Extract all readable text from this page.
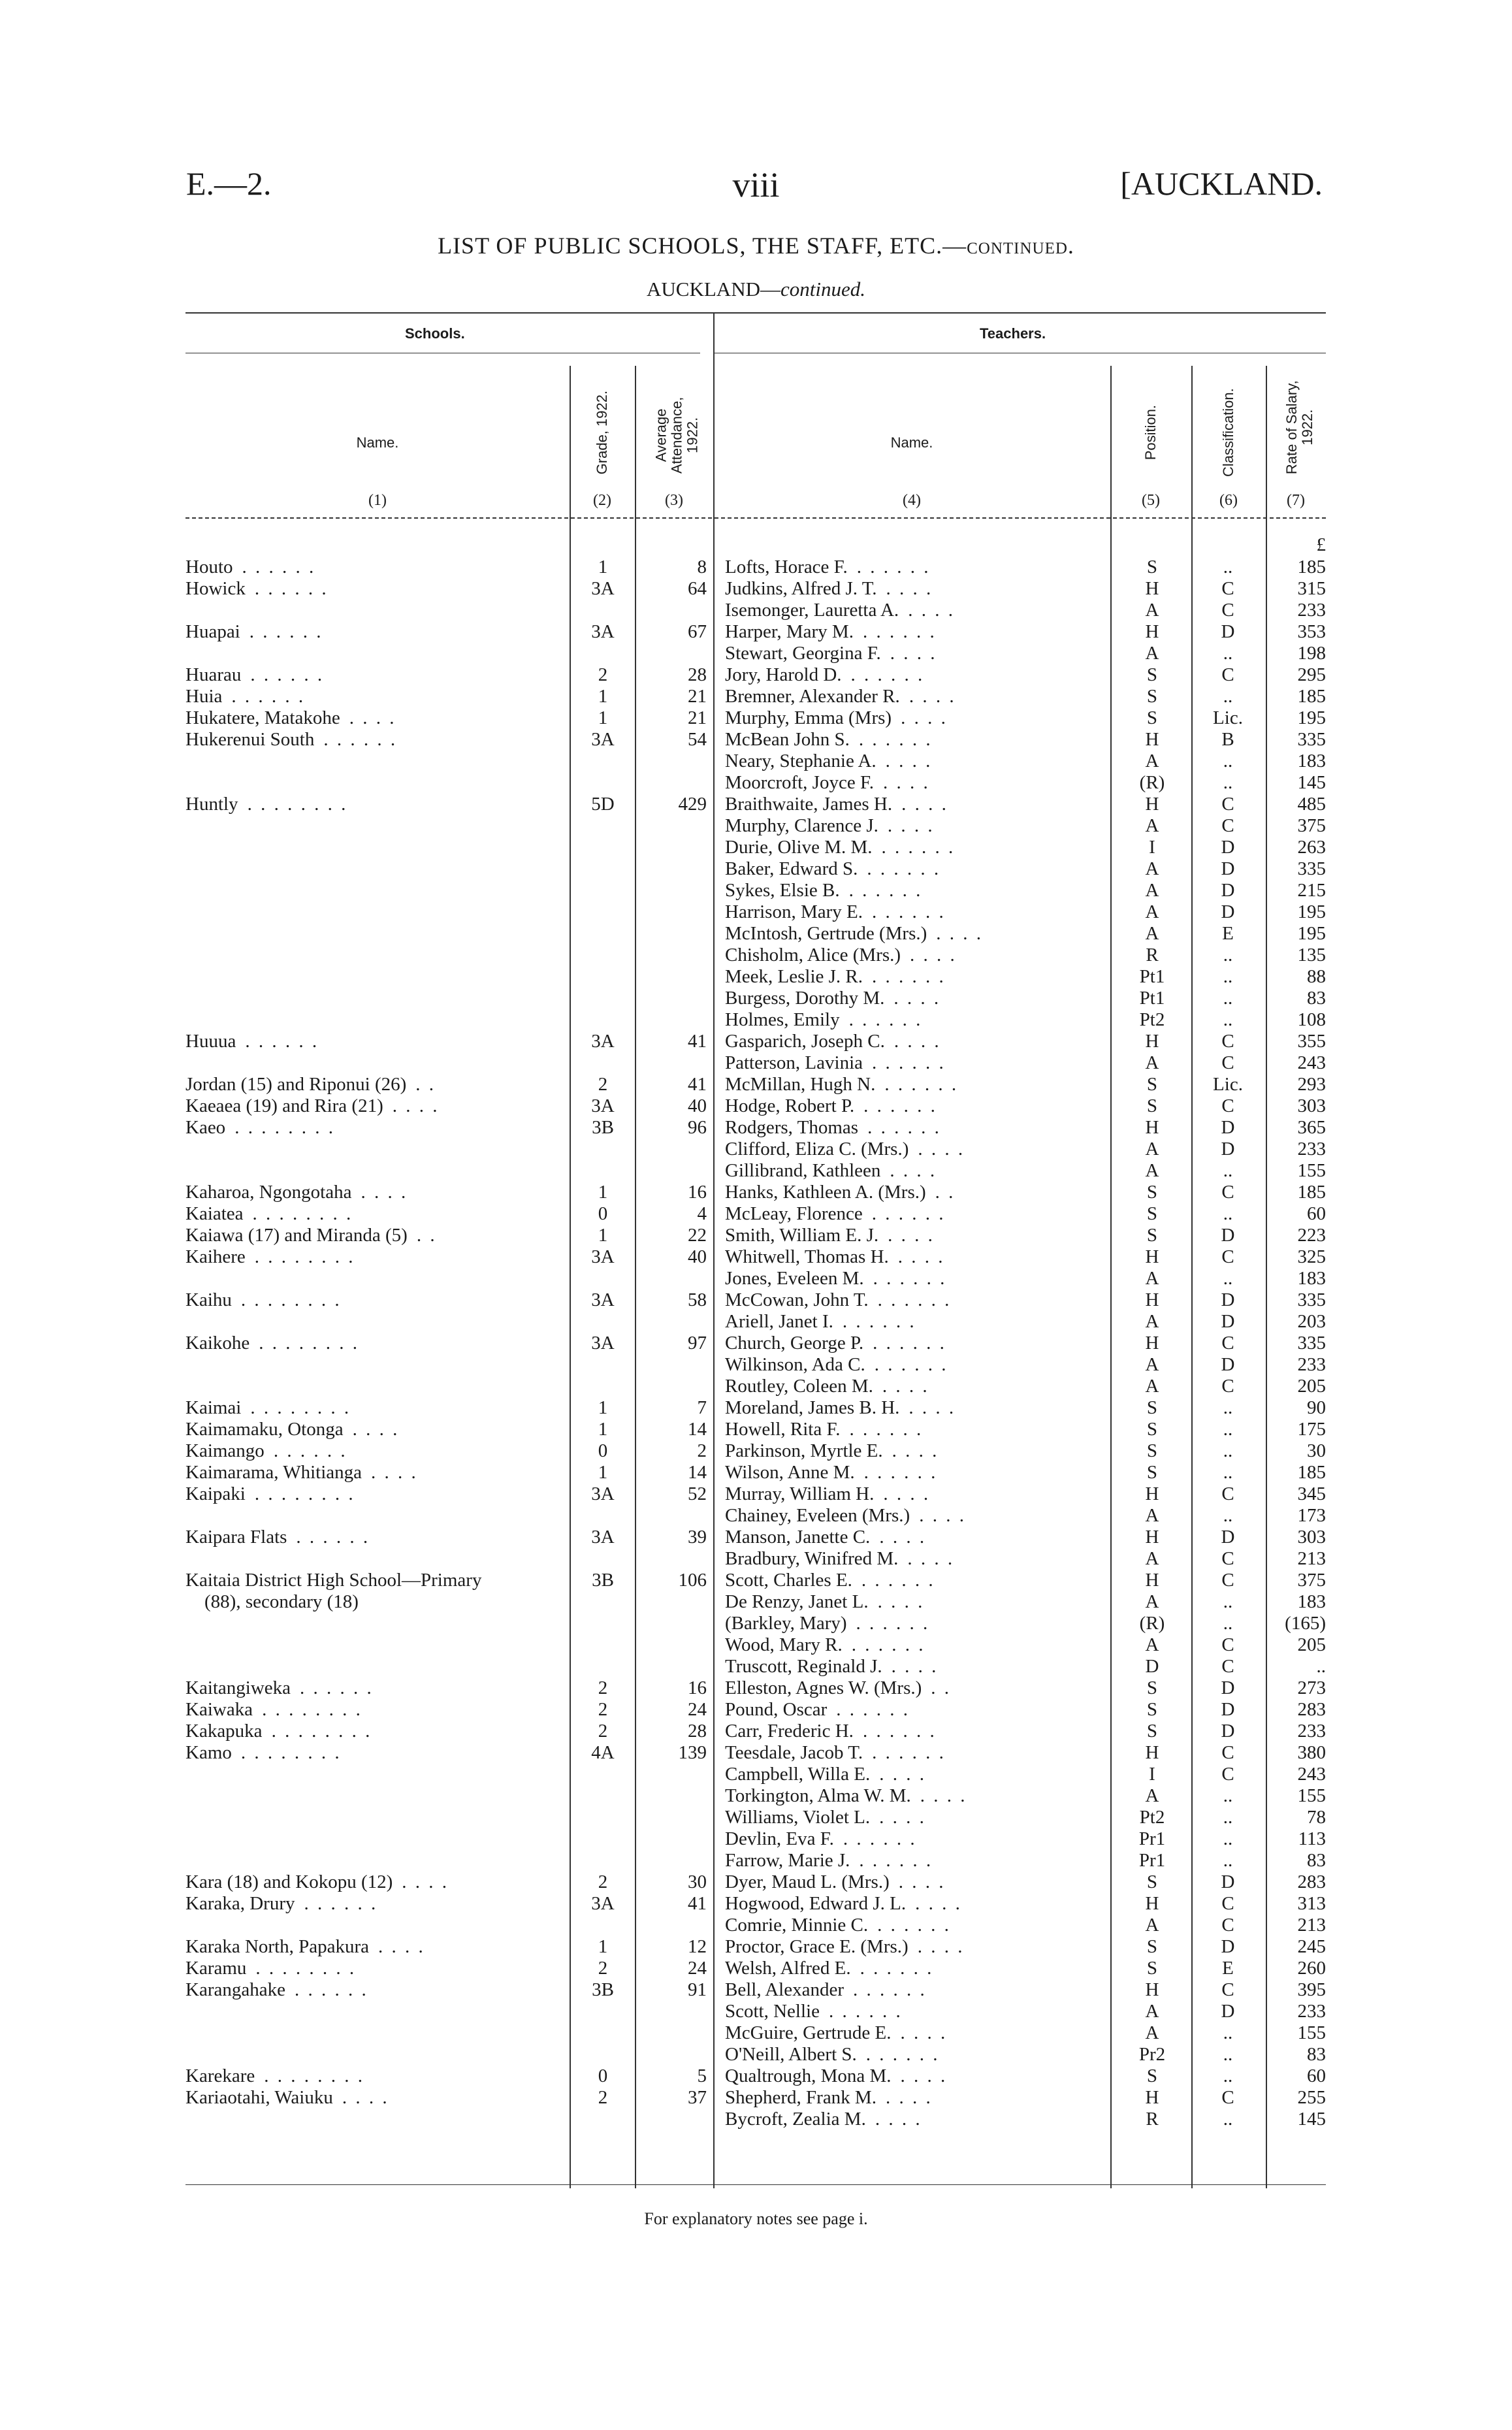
E.—2.	viii	[AUCKLAND.
LIST OF PUBLIC SCHOOLS, THE STAFF, ETC.—continued.
AUCKLAND—continued.
Schools.	Teachers.
Name.	Grade, 1922.	Average Attendance, 1922.	Name.	Position.	Classification.	Rate of Salary, 1922.
(1)	(2)	(3)	(4)	(5)	(6)	(7)
£
Houto . . . . . .	1	8 Lofts, Horace F. . . . . . .	S	..	185
Howick . . . . . .	3A	64 Judkins, Alfred J. T. . . . .	H	C	315
Isemonger, Lauretta A. . . . .	A	C	233
Huapai . . . . . .	3A	67 Harper, Mary M. . . . . . .	H	D	353
Stewart, Georgina F. . . . .	A	..	198
Huarau . . . . . .	2	28 Jory, Harold D. . . . . . .	S	C	295
Huia . . . . . .	1	21 Bremner, Alexander R. . . . .	S	..	185
Hukatere, Matakohe . . . .	1	21 Murphy, Emma (Mrs) . . . .	S	Lic.	195
Hukerenui South . . . . . .	3A	54 McBean John S. . . . . . .	H	B	335
Neary, Stephanie A. . . . .	A	..	183
Moorcroft, Joyce F. . . . .	(R)	..	145
Huntly . . . . . . . .	5D	429 Braithwaite, James H. . . . .	H	C	485
Murphy, Clarence J. . . . .	A	C	375
Durie, Olive M. M. . . . . . .	I	D	263
Baker, Edward S. . . . . . .	A	D	335
Sykes, Elsie B. . . . . . .	A	D	215
Harrison, Mary E. . . . . . .	A	D	195
McIntosh, Gertrude (Mrs.) . . . .	A	E	195
Chisholm, Alice (Mrs.) . . . .	R	..	135
Meek, Leslie J. R. . . . . . .	Pt1	..	88
Burgess, Dorothy M. . . . .	Pt1	..	83
Holmes, Emily . . . . . .	Pt2	..	108
Huuua . . . . . .	3A	41 Gasparich, Joseph C. . . . .	H	C	355
Patterson, Lavinia . . . . . .	A	C	243
Jordan (15) and Riponui (26) . .	2	41 McMillan, Hugh N. . . . . . .	S	Lic.	293
Kaeaea (19) and Rira (21) . . . .	3A	40 Hodge, Robert P. . . . . . .	S	C	303
Kaeo . . . . . . . .	3B	96 Rodgers, Thomas . . . . . .	H	D	365
Clifford, Eliza C. (Mrs.) . . . .	A	D	233
Gillibrand, Kathleen . . . .	A	..	155
Kaharoa, Ngongotaha . . . .	1	16 Hanks, Kathleen A. (Mrs.) . .	S	C	185
Kaiatea . . . . . . . .	0	4 McLeay, Florence . . . . . .	S	..	60
Kaiawa (17) and Miranda (5) . .	1	22 Smith, William E. J. . . . .	S	D	223
Kaihere . . . . . . . .	3A	40 Whitwell, Thomas H. . . . .	H	C	325
Jones, Eveleen M. . . . . . .	A	..	183
Kaihu . . . . . . . .	3A	58 McCowan, John T. . . . . . .	H	D	335
Ariell, Janet I. . . . . . .	A	D	203
Kaikohe . . . . . . . .	3A	97 Church, George P. . . . . . .	H	C	335
Wilkinson, Ada C. . . . . . .	A	D	233
Routley, Coleen M. . . . .	A	C	205
Kaimai . . . . . . . .	1	7 Moreland, James B. H. . . . .	S	..	90
Kaimamaku, Otonga . . . .	1	14 Howell, Rita F. . . . . . .	S	..	175
Kaimango . . . . . .	0	2 Parkinson, Myrtle E. . . . .	S	..	30
Kaimarama, Whitianga . . . .	1	14 Wilson, Anne M. . . . . . .	S	..	185
Kaipaki . . . . . . . .	3A	52 Murray, William H. . . . .	H	C	345
Chainey, Eveleen (Mrs.) . . . .	A	..	173
Kaipara Flats . . . . . .	3A	39 Manson, Janette C. . . . .	H	D	303
Bradbury, Winifred M. . . . .	A	C	213
Kaitaia District High School—Primary	3B	106 Scott, Charles E. . . . . . .	H	C	375
(88), secondary (18)	De Renzy, Janet L. . . . .	A	..	183
(Barkley, Mary) . . . . . .	(R)	..	(165)
Wood, Mary R. . . . . . .	A	C	205
Truscott, Reginald J. . . . .	D	C	..
Kaitangiweka . . . . . .	2	16 Elleston, Agnes W. (Mrs.) . .	S	D	273
Kaiwaka . . . . . . . .	2	24 Pound, Oscar . . . . . .	S	D	283
Kakapuka . . . . . . . .	2	28 Carr, Frederic H. . . . . . .	S	D	233
Kamo . . . . . . . .	4A	139 Teesdale, Jacob T. . . . . . .	H	C	380
Campbell, Willa E. . . . .	I	C	243
Torkington, Alma W. M. . . . .	A	..	155
Williams, Violet L. . . . .	Pt2	..	78
Devlin, Eva F. . . . . . .	Pr1	..	113
Farrow, Marie J. . . . . . .	Pr1	..	83
Kara (18) and Kokopu (12) . . . .	2	30 Dyer, Maud L. (Mrs.) . . . .	S	D	283
Karaka, Drury . . . . . .	3A	41 Hogwood, Edward J. L. . . . .	H	C	313
Comrie, Minnie C. . . . . . .	A	C	213
Karaka North, Papakura . . . .	1	12 Proctor, Grace E. (Mrs.) . . . .	S	D	245
Karamu . . . . . . . .	2	24 Welsh, Alfred E. . . . . . .	S	E	260
Karangahake . . . . . .	3B	91 Bell, Alexander . . . . . .	H	C	395
Scott, Nellie . . . . . .	A	D	233
McGuire, Gertrude E. . . . .	A	..	155
O'Neill, Albert S. . . . . . .	Pr2	..	83
Karekare . . . . . . . .	0	5 Qualtrough, Mona M. . . . .	S	..	60
Kariaotahi, Waiuku . . . .	2	37 Shepherd, Frank M. . . . .	H	C	255
Bycroft, Zealia M. . . . .	R	..	145
For explanatory notes see page i.
